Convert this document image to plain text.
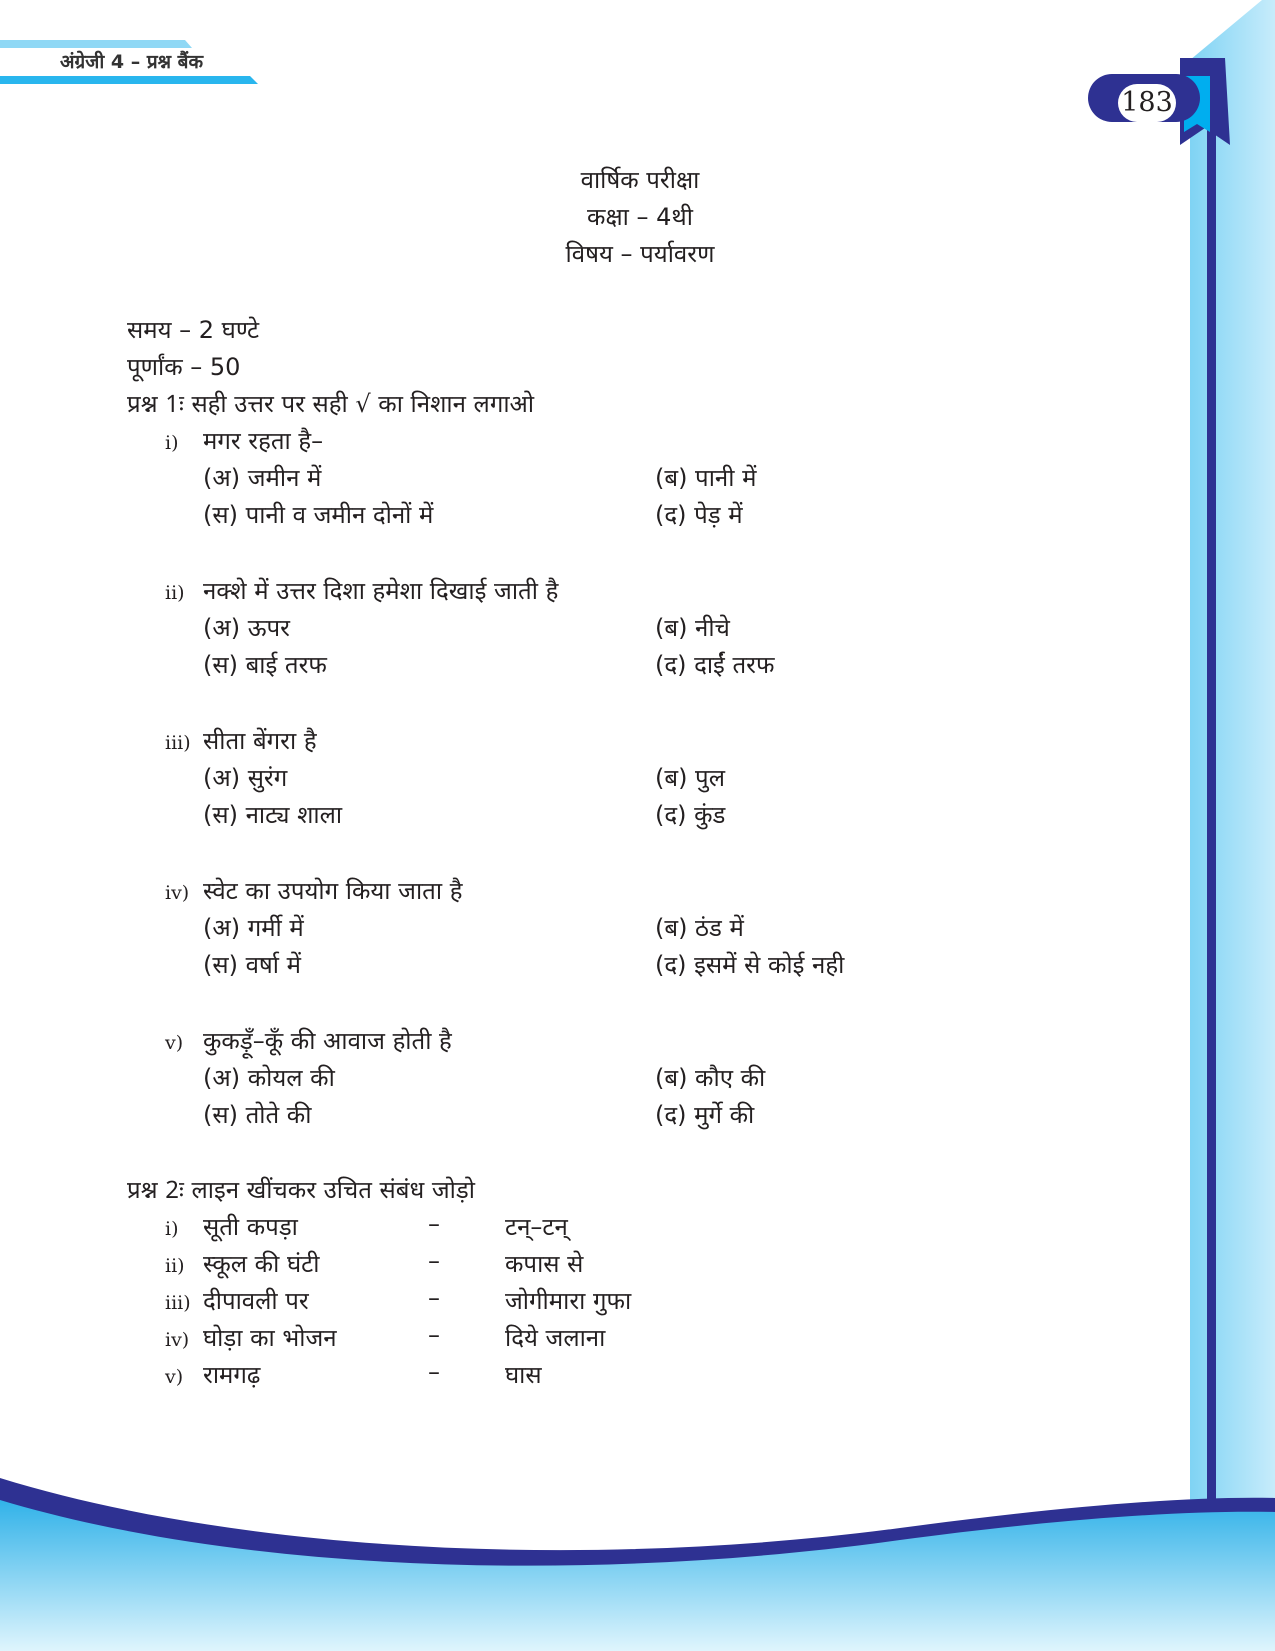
अंग्रेजी 4 – प्रश्न बैंक
183
वार्षिक परीक्षा
कक्षा – 4थी
विषय – पर्यावरण
समय – 2 घण्टे
पूर्णांक – 50
प्रश्न 1ः सही उत्तर पर सही √ का निशान लगाओ
i) मगर रहता है–
(अ) जमीन में	(ब) पानी में
(स) पानी व जमीन दोनों में	(द) पेड़ में
ii) नक्शे में उत्तर दिशा हमेशा दिखाई जाती है
(अ) ऊपर	(ब) नीचे
(स) बाई तरफ	(द) दाईं तरफ
iii) सीता बेंगरा है
(अ) सुरंग	(ब) पुल
(स) नाट्य शाला	(द) कुंड
iv) स्वेट का उपयोग किया जाता है
(अ) गर्मी में	(ब) ठंड में
(स) वर्षा में	(द) इसमें से कोई नही
v) कुकड़ूँ–कूँ की आवाज होती है
(अ) कोयल की	(ब) कौए की
(स) तोते की	(द) मुर्गे की
प्रश्न 2ः लाइन खींचकर उचित संबंध जोड़ो
i) सूती कपड़ा	–	टन्–टन्
ii) स्कूल की घंटी	–	कपास से
iii) दीपावली पर	–	जोगीमारा गुफा
iv) घोड़ा का भोजन	–	दिये जलाना
v) रामगढ़	–	घास
